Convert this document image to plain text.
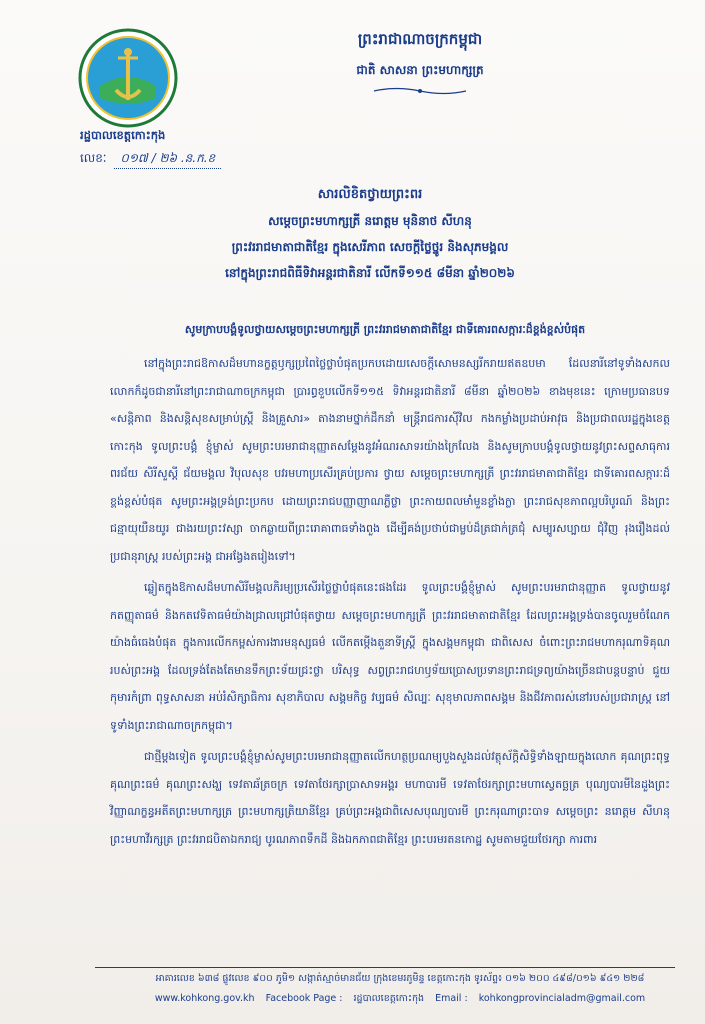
រដ្ឋបាលខេត្តកោះកុង
លេខៈ ០១៧ / ២៦ .ន.ក.ខ
ព្រះរាជាណាចក្រកម្ពុជា
ជាតិ សាសនា ព្រះមហាក្សត្រ
សារលិខិតថ្វាយព្រះពរ
សម្តេចព្រះមហាក្សត្រី នរោត្តម មុនិនាថ សីហនុ
ព្រះវររាជមាតាជាតិខ្មែរ ក្នុងសេរីភាព សេចក្តីថ្លៃថ្នូរ និងសុភមង្គល
នៅក្នុងព្រះរាជពិធីទិវាអន្តរជាតិនារី លើកទី១១៥ ៨មីនា ឆ្នាំ២០២៦
សូមក្រាបបង្គំទូលថ្វាយសម្តេចព្រះមហាក្សត្រី ព្រះវររាជមាតាជាតិខ្មែរ ជាទីគោរពសក្ការៈដ៏ខ្ពង់ខ្ពស់បំផុត

នៅក្នុងព្រះរាជឱកាសដ៏មហានក្ខត្តឫក្សប្រពៃថ្លៃថ្លាបំផុតប្រកបដោយសេចក្តីសោមនស្សរីករាយឥតឧបមា ដែលនារីនៅទូទាំងសកលលោកក៏ដូចជានារីនៅព្រះរាជាណាចក្រកម្ពុជា ប្រារព្ធខួបលើកទី១១៥ ទិវាអន្តរជាតិនារី ៨មីនា ឆ្នាំ២០២៦ ខាងមុខនេះ ក្រោមប្រធានបទ «សន្តិភាព និងសន្តិសុខសម្រាប់ស្ត្រី និងគ្រួសារ» តាងនាមថ្នាក់ដឹកនាំ មន្ត្រីរាជការស៊ីវិល កងកម្លាំងប្រដាប់អាវុធ និងប្រជាពលរដ្ឋក្នុងខេត្តកោះកុង ទូលព្រះបង្គំ ខ្ញុំម្ចាស់ សូមព្រះបរមរាជានុញ្ញាតសម្តែងនូវអំណរសាទរយ៉ាងក្រៃលែង និងសូមក្រាបបង្គំទូលថ្វាយនូវព្រះសព្ទសាធុការពរជ័យ សិរីសួស្តី ជ័យមង្គល វិបុលសុខ បវរមហាប្រសើរគ្រប់ប្រការ ថ្វាយ សម្តេចព្រះមហាក្សត្រី ព្រះវររាជមាតាជាតិខ្មែរ ជាទីគោរពសក្ការៈដ៏ខ្ពង់ខ្ពស់បំផុត សូមព្រះអង្គទ្រង់ព្រះប្រកប ដោយព្រះរាជបញ្ញាញាណភ្លឺថ្លា ព្រះកាយពលមាំមួនខ្លាំងក្លា ព្រះរាជសុខភាពល្អបរិបូរណ៍ និងព្រះជន្មាយុយឺនយូរ ជាងរយព្រះវស្សា ចាកឆ្ងាយពីព្រះរោគាពាធទាំងពួង ដើម្បីគង់ប្រថាប់ជាម្លប់ដ៏ត្រជាក់ត្រជុំ សម្បូរសប្បាយ ជុំវិញ រុងរឿងដល់ប្រជានុរាស្ត្រ របស់ព្រះអង្គ ជាអង្វែងតរៀងទៅ។

ឆ្លៀតក្នុងឱកាសដ៏មហាសិរីមង្គលភិរម្យប្រសើរថ្លៃថ្លាបំផុតនេះផងដែរ ទូលព្រះបង្គំខ្ញុំម្ចាស់ សូមព្រះបរមរាជានុញ្ញាត ទូលថ្វាយនូវកតញ្ញុតាធម៌ និងកតវេទិតាធម៌យ៉ាងជ្រាលជ្រៅបំផុតថ្វាយ សម្តេចព្រះមហាក្សត្រី ព្រះវររាជមាតាជាតិខ្មែរ ដែលព្រះអង្គទ្រង់បានចូលរួមចំណែកយ៉ាងធំធេងបំផុត ក្នុងការលើកកម្ពស់ការងារមនុស្សធម៌ លើកតម្កើងតួនាទីស្ត្រី ក្នុងសង្គមកម្ពុជា ជាពិសេស ចំពោះព្រះរាជមហាករុណាទិគុណរបស់ព្រះអង្គ ដែលទ្រង់តែងតែមានទឹកព្រះទ័យជ្រះថ្លា បរិសុទ្ធ សព្វព្រះរាជហឫទ័យប្រោសប្រទានព្រះរាជទ្រព្យយ៉ាងច្រើនជាបន្តបន្ទាប់ ជួយកុមារកំព្រា ពុទ្ធសាសនា អប់រំសិក្សាធិការ សុខាភិបាល សង្គមកិច្ច វប្បធម៌ សិល្បៈ សុខុមាលភាពសង្គម និងជីវភាពរស់នៅរបស់ប្រជារាស្ត្រ នៅទូទាំងព្រះរាជាណាចក្រកម្ពុជា។

ជាថ្មីម្តងទៀត ទូលព្រះបង្គំខ្ញុំម្ចាស់សូមព្រះបរមរាជានុញ្ញាតលើកហត្ថប្រណម្យបួងសួងដល់វត្ថុស័ក្តិសិទ្ធិទាំងឡាយក្នុងលោក គុណព្រះពុទ្ធ គុណព្រះធម៌ គុណព្រះសង្ឃ ទេវតាឆ័ត្រចក្រ ទេវតាថែរក្សាប្រាសាទអង្គរ មហាបារមី ទេវតាថែរក្សាព្រះមហាស្វេតច្ឆត្រ បុណ្យបារមីនៃដួងព្រះវិញ្ញាណក្ខន្ធអតីតព្រះមហាក្សត្រ ព្រះមហាក្សត្រិយានីខ្មែរ គ្រប់ព្រះអង្គជាពិសេសបុណ្យបារមី ព្រះករុណាព្រះបាទ សម្តេចព្រះ នរោត្តម សីហនុ ព្រះមហាវីរក្សត្រ ព្រះវររាជបិតាឯករាជ្យ បូរណភាពទឹកដី និងឯកភាពជាតិខ្មែរ ព្រះបរមរតនកោដ្ឋ សូមតាមជួយថែរក្សា ការពារ

អាគារលេខ ៦៣៨ ផ្លូវលេខ ៩០០ ភូមិ១ សង្កាត់ស្មាច់មានជ័យ ក្រុងខេមរភូមិន្ទ ខេត្តកោះកុង ទូរស័ព្ទ៖ ០១៦ ២០០ ៤៩៨/០១៦ ៩៤១ ២២៨
www.kohkong.gov.kh Facebook Page : រដ្ឋបាលខេត្តកោះកុង Email : kohkongprovincialadm@gmail.com
